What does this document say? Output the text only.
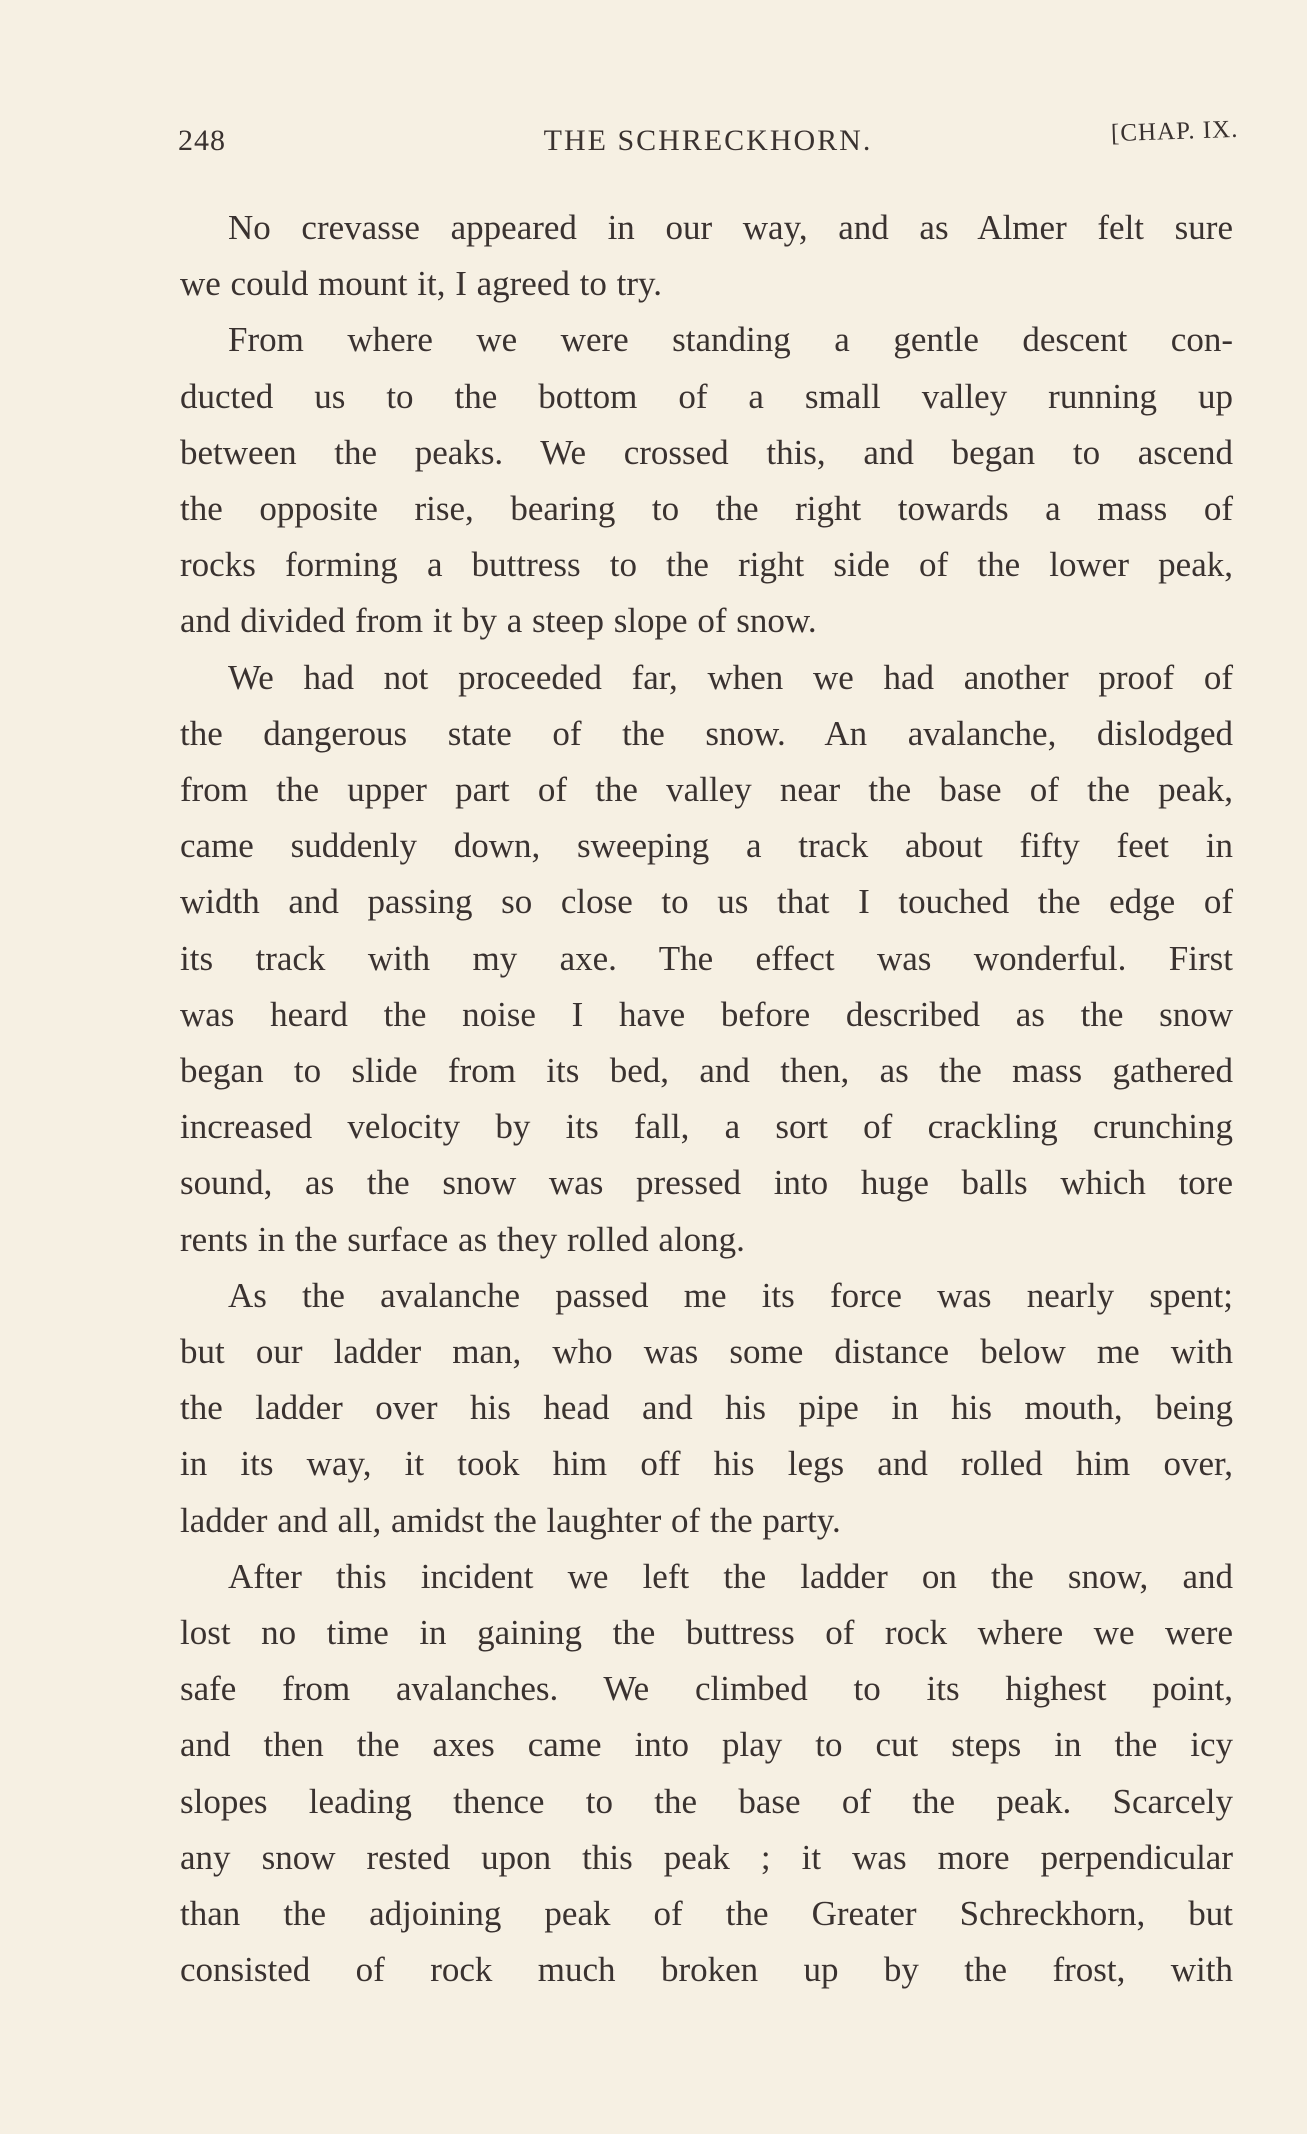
248	THE SCHRECKHORN.	[CHAP. IX.
No crevasse appeared in our way, and as Almer felt sure
we could mount it, I agreed to try.
From where we were standing a gentle descent con-
ducted us to the bottom of a small valley running up
between the peaks. We crossed this, and began to ascend
the opposite rise, bearing to the right towards a mass of
rocks forming a buttress to the right side of the lower peak,
and divided from it by a steep slope of snow.
We had not proceeded far, when we had another proof of
the dangerous state of the snow. An avalanche, dislodged
from the upper part of the valley near the base of the peak,
came suddenly down, sweeping a track about fifty feet in
width and passing so close to us that I touched the edge of
its track with my axe. The effect was wonderful. First
was heard the noise I have before described as the snow
began to slide from its bed, and then, as the mass gathered
increased velocity by its fall, a sort of crackling crunching
sound, as the snow was pressed into huge balls which tore
rents in the surface as they rolled along.
As the avalanche passed me its force was nearly spent;
but our ladder man, who was some distance below me with
the ladder over his head and his pipe in his mouth, being
in its way, it took him off his legs and rolled him over,
ladder and all, amidst the laughter of the party.
After this incident we left the ladder on the snow, and
lost no time in gaining the buttress of rock where we were
safe from avalanches. We climbed to its highest point,
and then the axes came into play to cut steps in the icy
slopes leading thence to the base of the peak. Scarcely
any snow rested upon this peak ; it was more perpendicular
than the adjoining peak of the Greater Schreckhorn, but
consisted of rock much broken up by the frost, with
